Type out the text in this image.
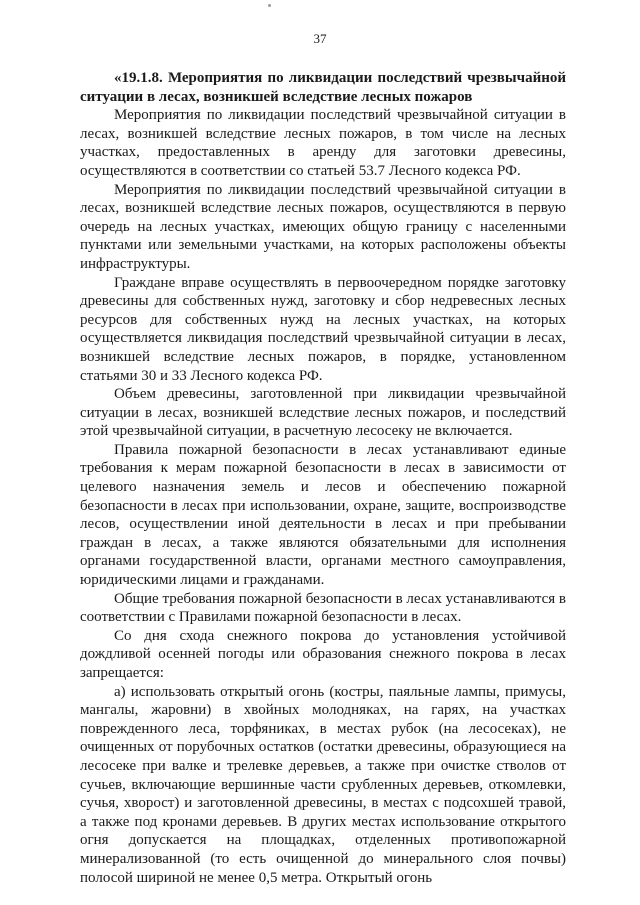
37

«19.1.8. Мероприятия по ликвидации последствий чрезвычайной ситуации в лесах, возникшей вследствие лесных пожаров

Мероприятия по ликвидации последствий чрезвычайной ситуации в лесах, возникшей вследствие лесных пожаров, в том числе на лесных участках, предоставленных в аренду для заготовки древесины, осуществляются в соответствии со статьей 53.7 Лесного кодекса РФ.

Мероприятия по ликвидации последствий чрезвычайной ситуации в лесах, возникшей вследствие лесных пожаров, осуществляются в первую очередь на лесных участках, имеющих общую границу с населенными пунктами или земельными участками, на которых расположены объекты инфраструктуры.

Граждане вправе осуществлять в первоочередном порядке заготовку древесины для собственных нужд, заготовку и сбор недревесных лесных ресурсов для собственных нужд на лесных участках, на которых осуществляется ликвидация последствий чрезвычайной ситуации в лесах, возникшей вследствие лесных пожаров, в порядке, установленном статьями 30 и 33 Лесного кодекса РФ.

Объем древесины, заготовленной при ликвидации чрезвычайной ситуации в лесах, возникшей вследствие лесных пожаров, и последствий этой чрезвычайной ситуации, в расчетную лесосеку не включается.

Правила пожарной безопасности в лесах устанавливают единые требования к мерам пожарной безопасности в лесах в зависимости от целевого назначения земель и лесов и обеспечению пожарной безопасности в лесах при использовании, охране, защите, воспроизводстве лесов, осуществлении иной деятельности в лесах и при пребывании граждан в лесах, а также являются обязательными для исполнения органами государственной власти, органами местного самоуправления, юридическими лицами и гражданами.

Общие требования пожарной безопасности в лесах устанавливаются в соответствии с Правилами пожарной безопасности в лесах.

Со дня схода снежного покрова до установления устойчивой дождливой осенней погоды или образования снежного покрова в лесах запрещается:

а) использовать открытый огонь (костры, паяльные лампы, примусы, мангалы, жаровни) в хвойных молодняках, на гарях, на участках поврежденного леса, торфяниках, в местах рубок (на лесосеках), не очищенных от порубочных остатков (остатки древесины, образующиеся на лесосеке при валке и трелевке деревьев, а также при очистке стволов от сучьев, включающие вершинные части срубленных деревьев, откомлевки, сучья, хворост) и заготовленной древесины, в местах с подсохшей травой, а также под кронами деревьев. В других местах использование открытого огня допускается на площадках, отделенных противопожарной минерализованной (то есть очищенной до минерального слоя почвы) полосой шириной не менее 0,5 метра. Открытый огонь
